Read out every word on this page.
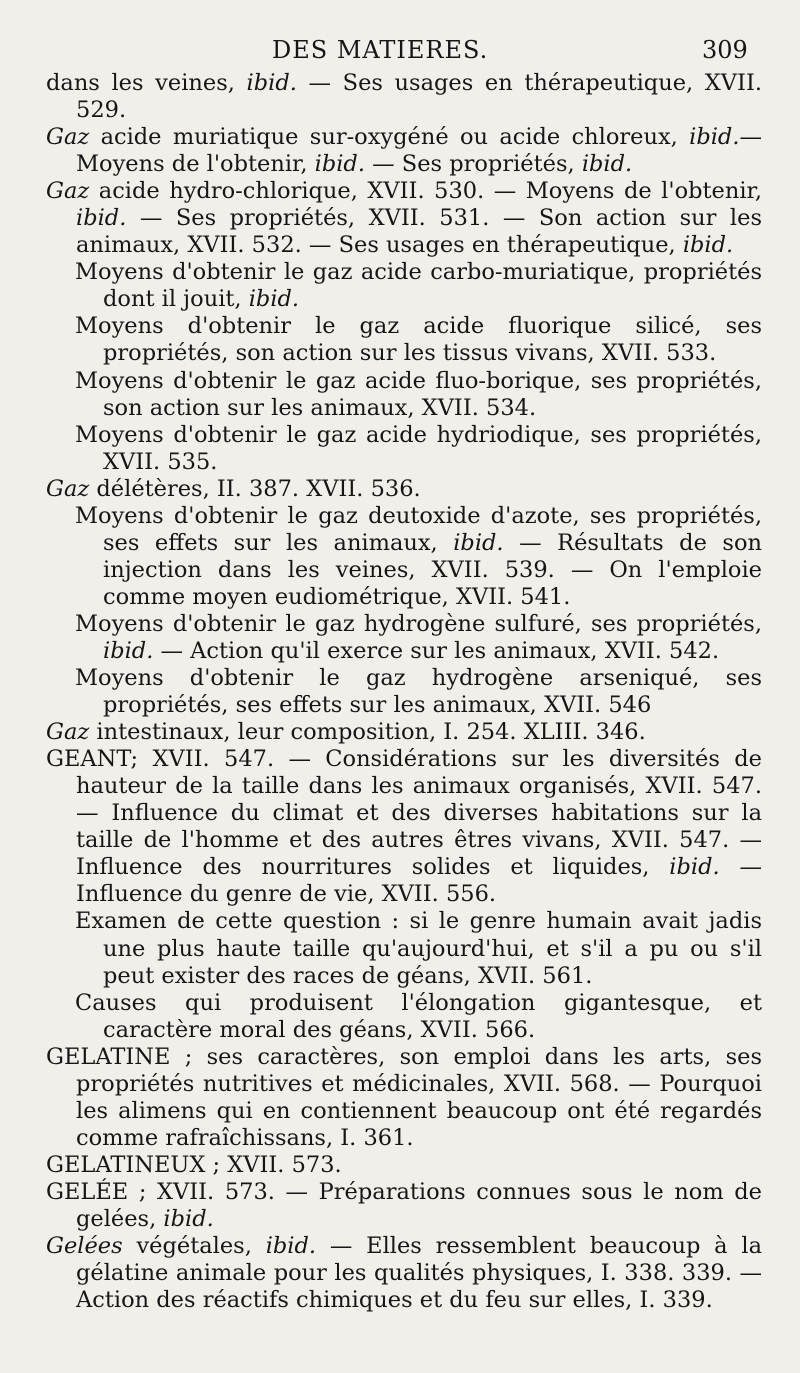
DES MATIERES.	309

dans les veines, ibid. — Ses usages en thérapeutique, XVII. 529.

Gaz acide muriatique sur-oxygéné ou acide chloreux, ibid.— Moyens de l'obtenir, ibid. — Ses propriétés, ibid.

Gaz acide hydro-chlorique, XVII. 530. — Moyens de l'obtenir, ibid. — Ses propriétés, XVII. 531. — Son action sur les animaux, XVII. 532. — Ses usages en thérapeutique, ibid.

Moyens d'obtenir le gaz acide carbo-muriatique, propriétés dont il jouit, ibid.

Moyens d'obtenir le gaz acide fluorique silicé, ses propriétés, son action sur les tissus vivans, XVII. 533.

Moyens d'obtenir le gaz acide fluo-borique, ses propriétés, son action sur les animaux, XVII. 534.

Moyens d'obtenir le gaz acide hydriodique, ses propriétés, XVII. 535.

Gaz délétères, II. 387. XVII. 536.

Moyens d'obtenir le gaz deutoxide d'azote, ses propriétés, ses effets sur les animaux, ibid. — Résultats de son injection dans les veines, XVII. 539. — On l'emploie comme moyen eudiométrique, XVII. 541.

Moyens d'obtenir le gaz hydrogène sulfuré, ses propriétés, ibid. — Action qu'il exerce sur les animaux, XVII. 542.

Moyens d'obtenir le gaz hydrogène arseniqué, ses propriétés, ses effets sur les animaux, XVII. 546

Gaz intestinaux, leur composition, I. 254. XLIII. 346.

GEANT; XVII. 547. — Considérations sur les diversités de hauteur de la taille dans les animaux organisés, XVII. 547. — Influence du climat et des diverses habitations sur la taille de l'homme et des autres êtres vivans, XVII. 547. — Influence des nourritures solides et liquides, ibid. — Influence du genre de vie, XVII. 556.

Examen de cette question : si le genre humain avait jadis une plus haute taille qu'aujourd'hui, et s'il a pu ou s'il peut exister des races de géans, XVII. 561.

Causes qui produisent l'élongation gigantesque, et caractère moral des géans, XVII. 566.

GELATINE ; ses caractères, son emploi dans les arts, ses propriétés nutritives et médicinales, XVII. 568. — Pourquoi les alimens qui en contiennent beaucoup ont été regardés comme rafraîchissans, I. 361.

GELATINEUX ; XVII. 573.

GELÉE ; XVII. 573. — Préparations connues sous le nom de gelées, ibid.

Gelées végétales, ibid. — Elles ressemblent beaucoup à la gélatine animale pour les qualités physiques, I. 338. 339. — Action des réactifs chimiques et du feu sur elles, I. 339.
